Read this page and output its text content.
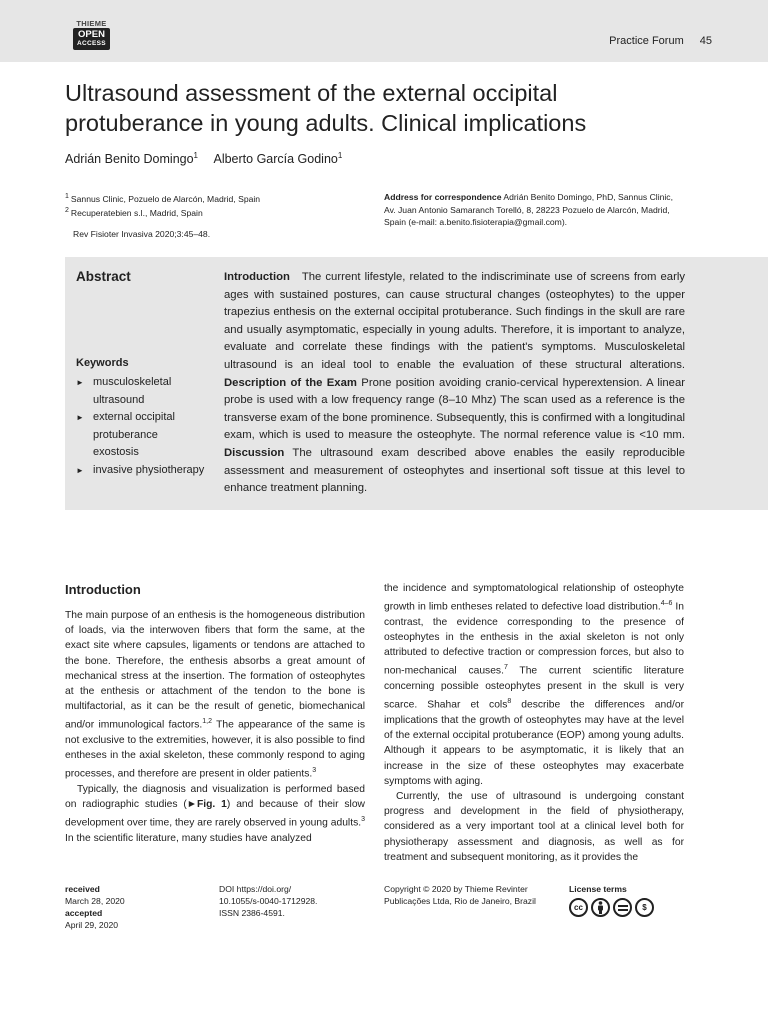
THIEME
OPEN
ACCESS	Practice Forum 45
Ultrasound assessment of the external occipital protuberance in young adults. Clinical implications
Adrián Benito Domingo$^1$ Alberto García Godino$^1$
$^1$ Sannus Clinic, Pozuelo de Alarcón, Madrid, Spain
$^2$ Recuperatebien s.l., Madrid, Spain
Rev Fisioter Invasiva 2020;3:45–48.
Address for correspondence Adrián Benito Domingo, PhD, Sannus Clinic, Av. Juan Antonio Samaranch Torelló, 8, 28223 Pozuelo de Alarcón, Madrid, Spain (e-mail: a.benito.fisioterapia@gmail.com).
Abstract
Keywords
► musculoskeletal ultrasound
► external occipital protuberance exostosis
► invasive physiotherapy
Introduction The current lifestyle, related to the indiscriminate use of screens from early ages with sustained postures, can cause structural changes (osteophytes) to the upper trapezius enthesis on the external occipital protuberance. Such findings in the skull are rare and usually asymptomatic, especially in young adults. Therefore, it is important to analyze, evaluate and correlate these findings with the patient's symptoms. Musculoskeletal ultrasound is an ideal tool to enable the evaluation of these structural alterations. Description of the Exam Prone position avoiding cranio-cervical hyperextension. A linear probe is used with a low frequency range (8–10 Mhz) The scan used as a reference is the transverse exam of the bone prominence. Subsequently, this is confirmed with a longitudinal exam, which is used to measure the osteophyte. The normal reference value is <10 mm. Discussion The ultrasound exam described above enables the easily reproducible assessment and measurement of osteophytes and insertional soft tissue at this level to enhance treatment planning.
Introduction

The main purpose of an enthesis is the homogeneous distribution of loads, via the interwoven fibers that form the same, at the exact site where capsules, ligaments or tendons are attached to the bone. Therefore, the enthesis absorbs a great amount of mechanical stress at the insertion. The formation of osteophytes at the enthesis or attachment of the tendon to the bone is multifactorial, as it can be the result of genetic, biomechanical and/or immunological factors.$^{1,2}$ The appearance of the same is not exclusive to the extremities, however, it is also possible to find entheses in the axial skeleton, these commonly respond to aging processes, and therefore are present in older patients.$^3$

Typically, the diagnosis and visualization is performed based on radiographic studies (►Fig. 1) and because of their slow development over time, they are rarely observed in young adults.$^3$ In the scientific literature, many studies have analyzed

the incidence and symptomatological relationship of osteophyte growth in limb entheses related to defective load distribution.$^{4-6}$ In contrast, the evidence corresponding to the presence of osteophytes in the enthesis in the axial skeleton is not only attributed to defective traction or compression forces, but also to non-mechanical causes.$^7$ The current scientific literature concerning possible osteophytes present in the skull is very scarce. Shahar et cols$^8$ describe the differences and/or implications that the growth of osteophytes may have at the level of the external occipital protuberance (EOP) among young adults. Although it appears to be asymptomatic, it is likely that an increase in the size of these osteophytes may exacerbate symptoms with aging.

Currently, the use of ultrasound is undergoing constant progress and development in the field of physiotherapy, considered as a very important tool at a clinical level both for physiotherapy assessment and diagnosis, as well as for treatment and subsequent monitoring, as it provides the

received
March 28, 2020
accepted
April 29, 2020
DOI https://doi.org/
10.1055/s-0040-1712928.
ISSN 2386-4591.
Copyright © 2020 by Thieme Revinter
Publicações Ltda, Rio de Janeiro, Brazil
License terms
cc	$
